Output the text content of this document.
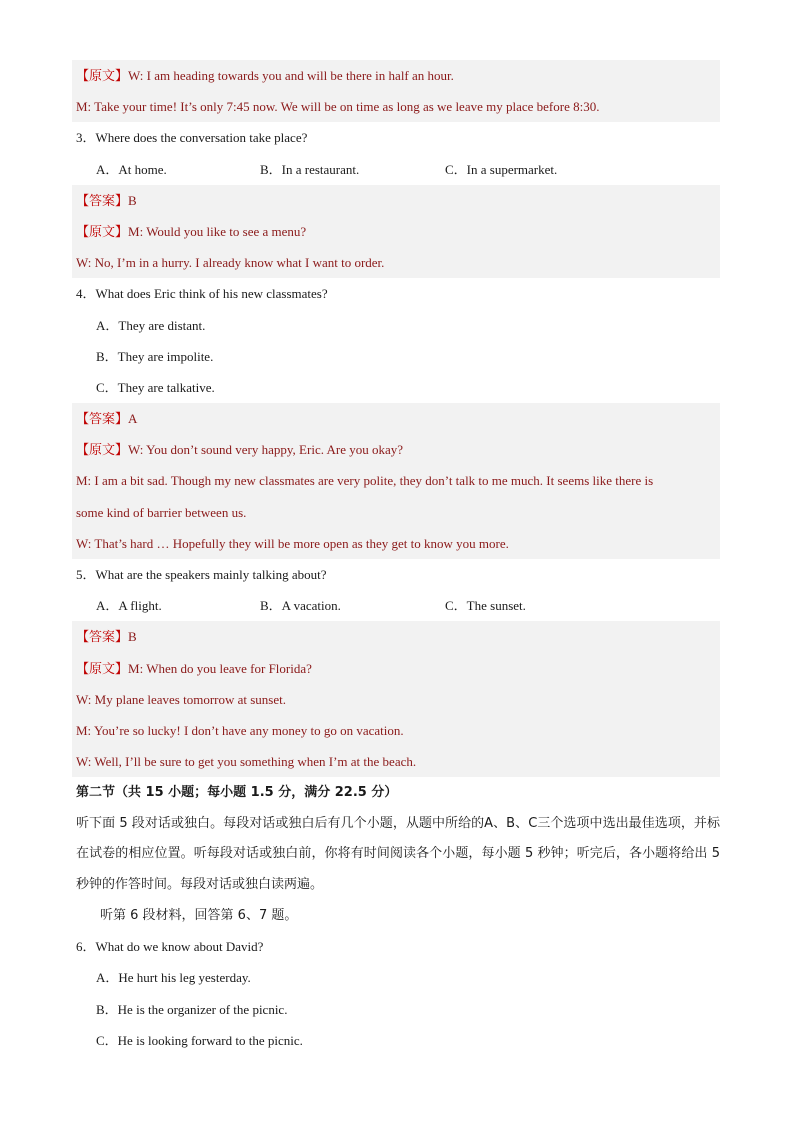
【原文】W: I am heading towards you and will be there in half an hour.
M: Take your time! It’s only 7:45 now. We will be on time as long as we leave my place before 8:30.
3．Where does the conversation take place?
A．At home.	B．In a restaurant.	C．In a supermarket.
【答案】B
【原文】M: Would you like to see a menu?
W: No, I’m in a hurry. I already know what I want to order.
4．What does Eric think of his new classmates?
A．They are distant.
B．They are impolite.
C．They are talkative.
【答案】A
【原文】W: You don’t sound very happy, Eric. Are you okay?
M: I am a bit sad. Though my new classmates are very polite, they don’t talk to me much. It seems like there is
some kind of barrier between us.
W: That’s hard … Hopefully they will be more open as they get to know you more.
5．What are the speakers mainly talking about?
A．A flight.	B．A vacation.	C．The sunset.
【答案】B
【原文】M: When do you leave for Florida?
W: My plane leaves tomorrow at sunset.
M: You’re so lucky! I don’t have any money to go on vacation.
W: Well, I’ll be sure to get you something when I’m at the beach.
第二节（共 15 小题；每小题 1.5 分，满分 22.5 分）
听下面 5 段对话或独白。每段对话或独白后有几个小题，从题中所给的A、B、C三个选项中选出最佳选项，并标在试卷的相应位置。听每段对话或独白前，你将有时间阅读各个小题，每小题 5 秒钟；听完后，各小题将给出 5 秒钟的作答时间。每段对话或独白读两遍。
听第 6 段材料，回答第 6、7 题。
6．What do we know about David?
A．He hurt his leg yesterday.
B．He is the organizer of the picnic.
C．He is looking forward to the picnic.
